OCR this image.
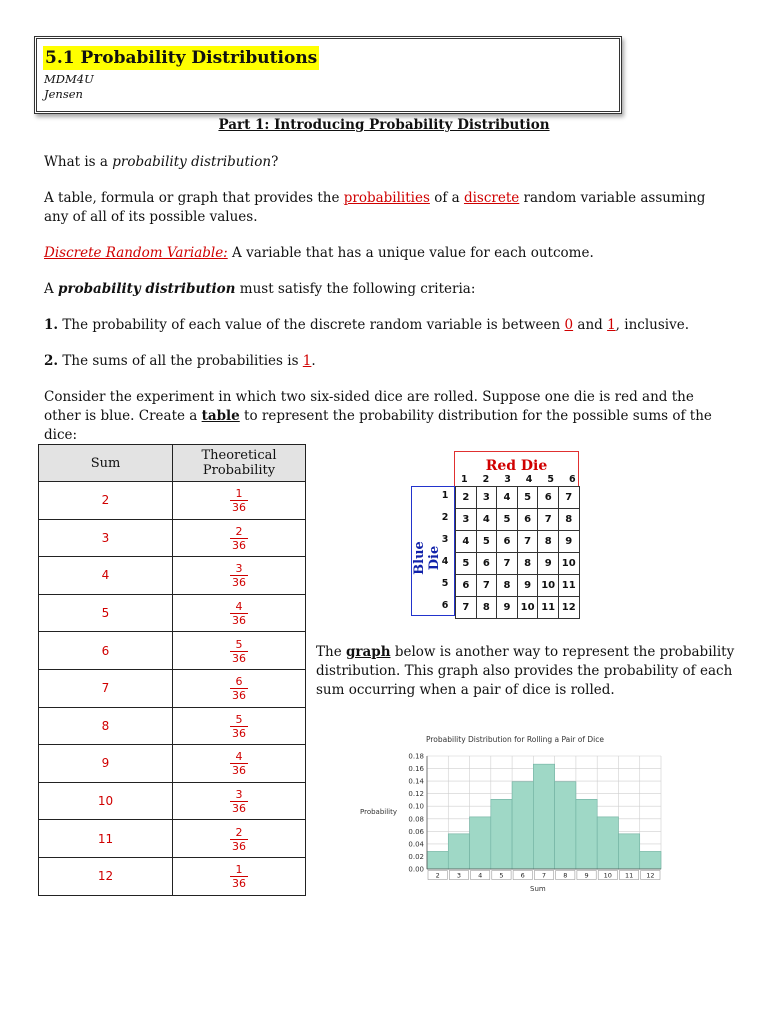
5.1 Probability Distributions
MDM4U
Jensen
Part 1: Introducing Probability Distribution
What is a probability distribution?
A table, formula or graph that provides the probabilities of a discrete random variable assuming any of all of its possible values.
Discrete Random Variable: A variable that has a unique value for each outcome.
A probability distribution must satisfy the following criteria:
1. The probability of each value of the discrete random variable is between 0 and 1, inclusive.
2. The sums of all the probabilities is 1.
Consider the experiment in which two six-sided dice are rolled. Suppose one die is red and the other is blue. Create a table to represent the probability distribution for the possible sums of the dice:
Sum	Theoretical Probability
2	$\frac{1}{36}$

3	$\frac{2}{36}$

4	$\frac{3}{36}$

5	$\frac{4}{36}$

6	$\frac{5}{36}$

7	$\frac{6}{36}$

8	$\frac{5}{36}$

9	$\frac{4}{36}$

10	$\frac{3}{36}$

11	$\frac{2}{36}$

12	$\frac{1}{36}$
Red Die
Blue Die
1 2 3 4 5 6
1
2
3
4
5
6
2	3	4	5	6	7
3	4	5	6	7	8
4	5	6	7	8	9
5	6	7	8	9	10
6	7	8	9	10 11
7	8	9	10 11 12
The graph below is another way to represent the probability distribution. This graph also provides the probability of each sum occurring when a pair of dice is rolled.
Probability Distribution for Rolling a Pair of Dice
Probability
Sum
0.00
0.02
0.04
0.06
0.08
0.10
0.12
0.14
0.16
0.18
2	3	4	5	6	7	8	9 10 11 12
